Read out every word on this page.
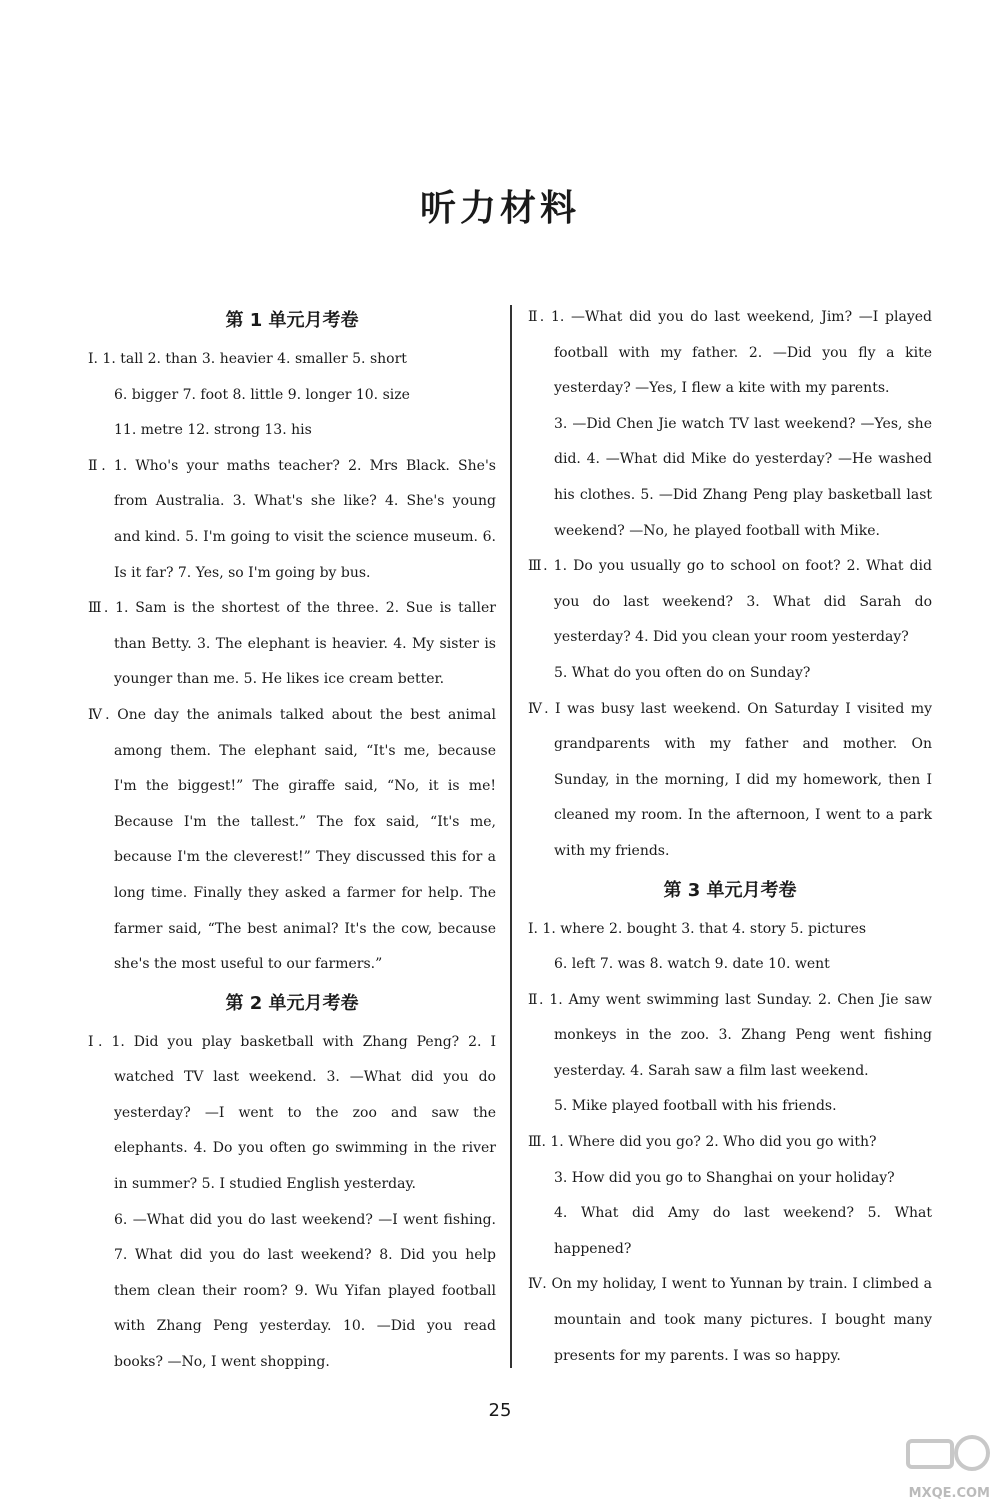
听力材料
第 1 单元月考卷
Ⅰ. 1. tall 2. than 3. heavier 4. smaller 5. short
6. bigger 7. foot 8. little 9. longer 10. size
11. metre 12. strong 13. his
Ⅱ. 1. Who's your maths teacher? 2. Mrs Black. She's from Australia. 3. What's she like? 4. She's young and kind. 5. I'm going to visit the science museum. 6. Is it far? 7. Yes, so I'm going by bus.
Ⅲ. 1. Sam is the shortest of the three. 2. Sue is taller than Betty. 3. The elephant is heavier. 4. My sister is younger than me. 5. He likes ice cream better.
Ⅳ. One day the animals talked about the best animal among them. The elephant said, “It's me, because I'm the biggest!” The giraffe said, “No, it is me! Because I'm the tallest.” The fox said, “It's me, because I'm the cleverest!” They discussed this for a long time. Finally they asked a farmer for help. The farmer said, “The best animal? It's the cow, because she's the most useful to our farmers.”
第 2 单元月考卷
Ⅰ. 1. Did you play basketball with Zhang Peng? 2. I watched TV last weekend. 3. —What did you do yesterday? —I went to the zoo and saw the elephants. 4. Do you often go swimming in the river in summer? 5. I studied English yesterday.
6. —What did you do last weekend? —I went fishing. 7. What did you do last weekend? 8. Did you help them clean their room? 9. Wu Yifan played football with Zhang Peng yesterday. 10. —Did you read books? —No, I went shopping.
Ⅱ. 1. —What did you do last weekend, Jim? —I played football with my father. 2. —Did you fly a kite yesterday? —Yes, I flew a kite with my parents.
3. —Did Chen Jie watch TV last weekend? —Yes, she did. 4. —What did Mike do yesterday? —He washed his clothes. 5. —Did Zhang Peng play basketball last weekend? —No, he played football with Mike.
Ⅲ. 1. Do you usually go to school on foot? 2. What did you do last weekend? 3. What did Sarah do yesterday? 4. Did you clean your room yesterday?
5. What do you often do on Sunday?
Ⅳ. I was busy last weekend. On Saturday I visited my grandparents with my father and mother. On Sunday, in the morning, I did my homework, then I cleaned my room. In the afternoon, I went to a park with my friends.
第 3 单元月考卷
Ⅰ. 1. where 2. bought 3. that 4. story 5. pictures
6. left 7. was 8. watch 9. date 10. went
Ⅱ. 1. Amy went swimming last Sunday. 2. Chen Jie saw monkeys in the zoo. 3. Zhang Peng went fishing yesterday. 4. Sarah saw a film last weekend.
5. Mike played football with his friends.
Ⅲ. 1. Where did you go? 2. Who did you go with?
3. How did you go to Shanghai on your holiday?
4. What did Amy do last weekend? 5. What happened?
Ⅳ. On my holiday, I went to Yunnan by train. I climbed a mountain and took many pictures. I bought many presents for my parents. I was so happy.
25
MXQE.COM
